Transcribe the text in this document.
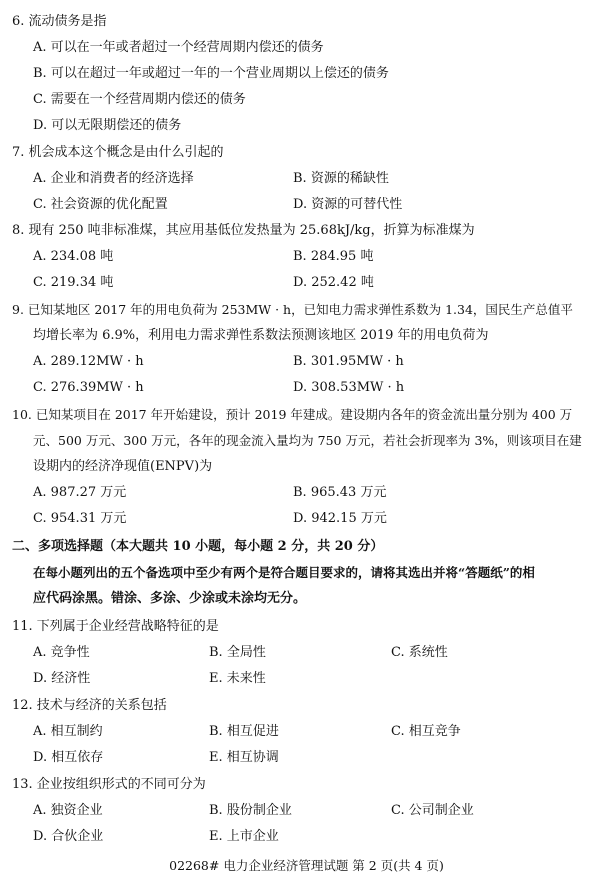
6. 流动债务是指
A. 可以在一年或者超过一个经营周期内偿还的债务
B. 可以在超过一年或超过一年的一个营业周期以上偿还的债务
C. 需要在一个经营周期内偿还的债务
D. 可以无限期偿还的债务
7. 机会成本这个概念是由什么引起的
A. 企业和消费者的经济选择	B. 资源的稀缺性
C. 社会资源的优化配置	D. 资源的可替代性
8. 现有 250 吨非标准煤，其应用基低位发热量为 25.68kJ/kg，折算为标准煤为
A. 234.08 吨	B. 284.95 吨
C. 219.34 吨	D. 252.42 吨
9. 已知某地区 2017 年的用电负荷为 253MW · h，已知电力需求弹性系数为 1.34，国民生产总值平
均增长率为 6.9%，利用电力需求弹性系数法预测该地区 2019 年的用电负荷为
A. 289.12MW · h	B. 301.95MW · h
C. 276.39MW · h	D. 308.53MW · h
10. 已知某项目在 2017 年开始建设，预计 2019 年建成。建设期内各年的资金流出量分别为 400 万
元、500 万元、300 万元，各年的现金流入量均为 750 万元，若社会折现率为 3%，则该项目在建
设期内的经济净现值(ENPV)为
A. 987.27 万元	B. 965.43 万元
C. 954.31 万元	D. 942.15 万元
二、多项选择题（本大题共 10 小题，每小题 2 分，共 20 分）
在每小题列出的五个备选项中至少有两个是符合题目要求的，请将其选出并将“答题纸”的相
应代码涂黑。错涂、多涂、少涂或未涂均无分。
11. 下列属于企业经营战略特征的是
A. 竞争性	B. 全局性	C. 系统性
D. 经济性	E. 未来性
12. 技术与经济的关系包括
A. 相互制约	B. 相互促进	C. 相互竞争
D. 相互依存	E. 相互协调
13. 企业按组织形式的不同可分为
A. 独资企业	B. 股份制企业	C. 公司制企业
D. 合伙企业	E. 上市企业
02268# 电力企业经济管理试题 第 2 页(共 4 页)
